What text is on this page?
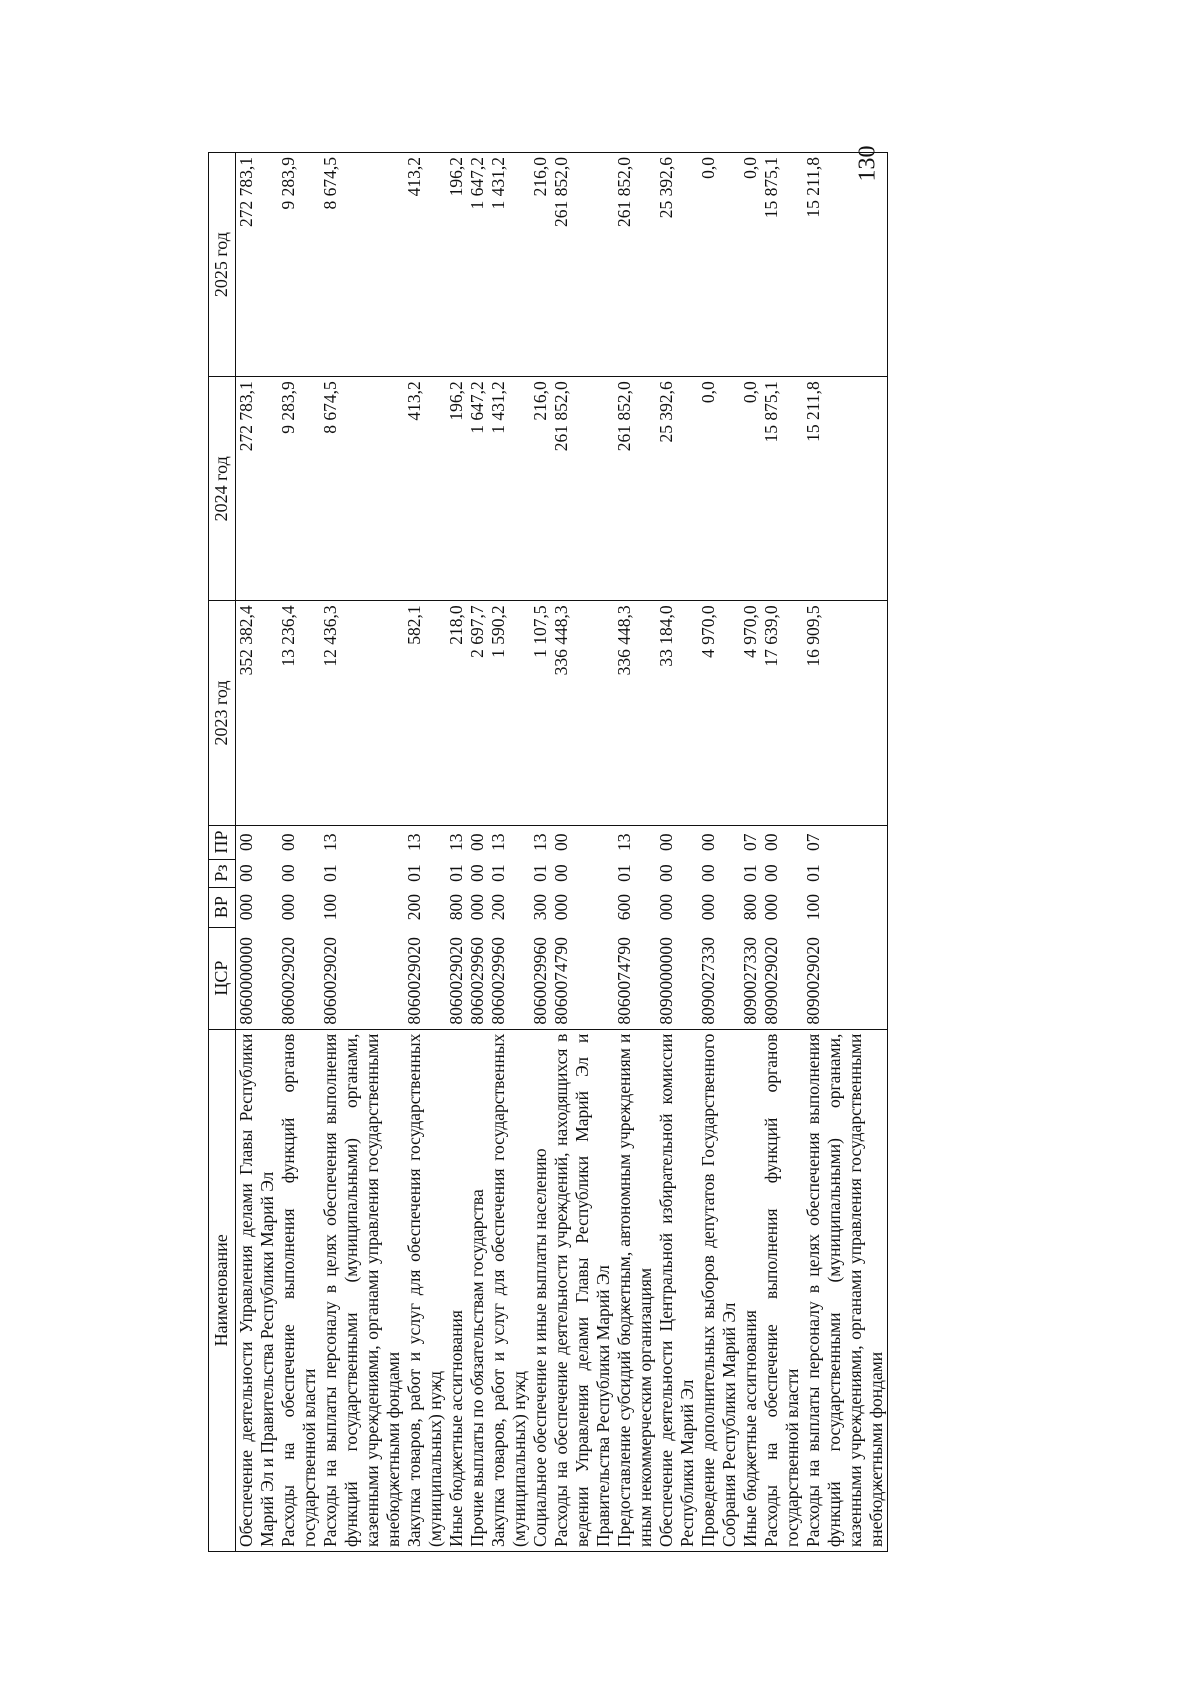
130
Наименование	ЦСР	ВР	Рз	ПР	2023 год	2024 год	2025 год
Обеспечение деятельности Управления делами Главы Республики Марий Эл и Правительства Республики Марий Эл	8060000000	000	00	00	352 382,4	272 783,1	272 783,1
Расходы на обеспечение выполнения функций органов государственной власти	8060029020	000	00	00	13 236,4	9 283,9	9 283,9
Расходы на выплаты персоналу в целях обеспечения выполнения функций государственными (муниципальными) органами, казенными учреждениями, органами управления государственными внебюджетными фондами	8060029020	100	01	13	12 436,3	8 674,5	8 674,5
Закупка товаров, работ и услуг для обеспечения государственных (муниципальных) нужд	8060029020	200	01	13	582,1	413,2	413,2
Иные бюджетные ассигнования	8060029020	800	01	13	218,0	196,2	196,2
Прочие выплаты по обязательствам государства	8060029960	000	00	00	2 697,7	1 647,2	1 647,2
Закупка товаров, работ и услуг для обеспечения государственных (муниципальных) нужд	8060029960	200	01	13	1 590,2	1 431,2	1 431,2
Социальное обеспечение и иные выплаты населению	8060029960	300	01	13	1 107,5	216,0	216,0
Расходы на обеспечение деятельности учреждений, находящихся в ведении Управления делами Главы Республики Марий Эл и Правительства Республики Марий Эл	8060074790	000	00	00	336 448,3	261 852,0	261 852,0
Предоставление субсидий бюджетным, автономным учреждениям и иным некоммерческим организациям	8060074790	600	01	13	336 448,3	261 852,0	261 852,0
Обеспечение деятельности Центральной избирательной комиссии Республики Марий Эл	8090000000	000	00	00	33 184,0	25 392,6	25 392,6
Проведение дополнительных выборов депутатов Государственного Собрания Республики Марий Эл	8090027330	000	00	00	4 970,0	0,0	0,0
Иные бюджетные ассигнования	8090027330	800	01	07	4 970,0	0,0	0,0
Расходы на обеспечение выполнения функций органов государственной власти	8090029020	000	00	00	17 639,0	15 875,1	15 875,1
Расходы на выплаты персоналу в целях обеспечения выполнения функций государственными (муниципальными) органами, казенными учреждениями, органами управления государственными внебюджетными фондами	8090029020	100	01	07	16 909,5	15 211,8	15 211,8
